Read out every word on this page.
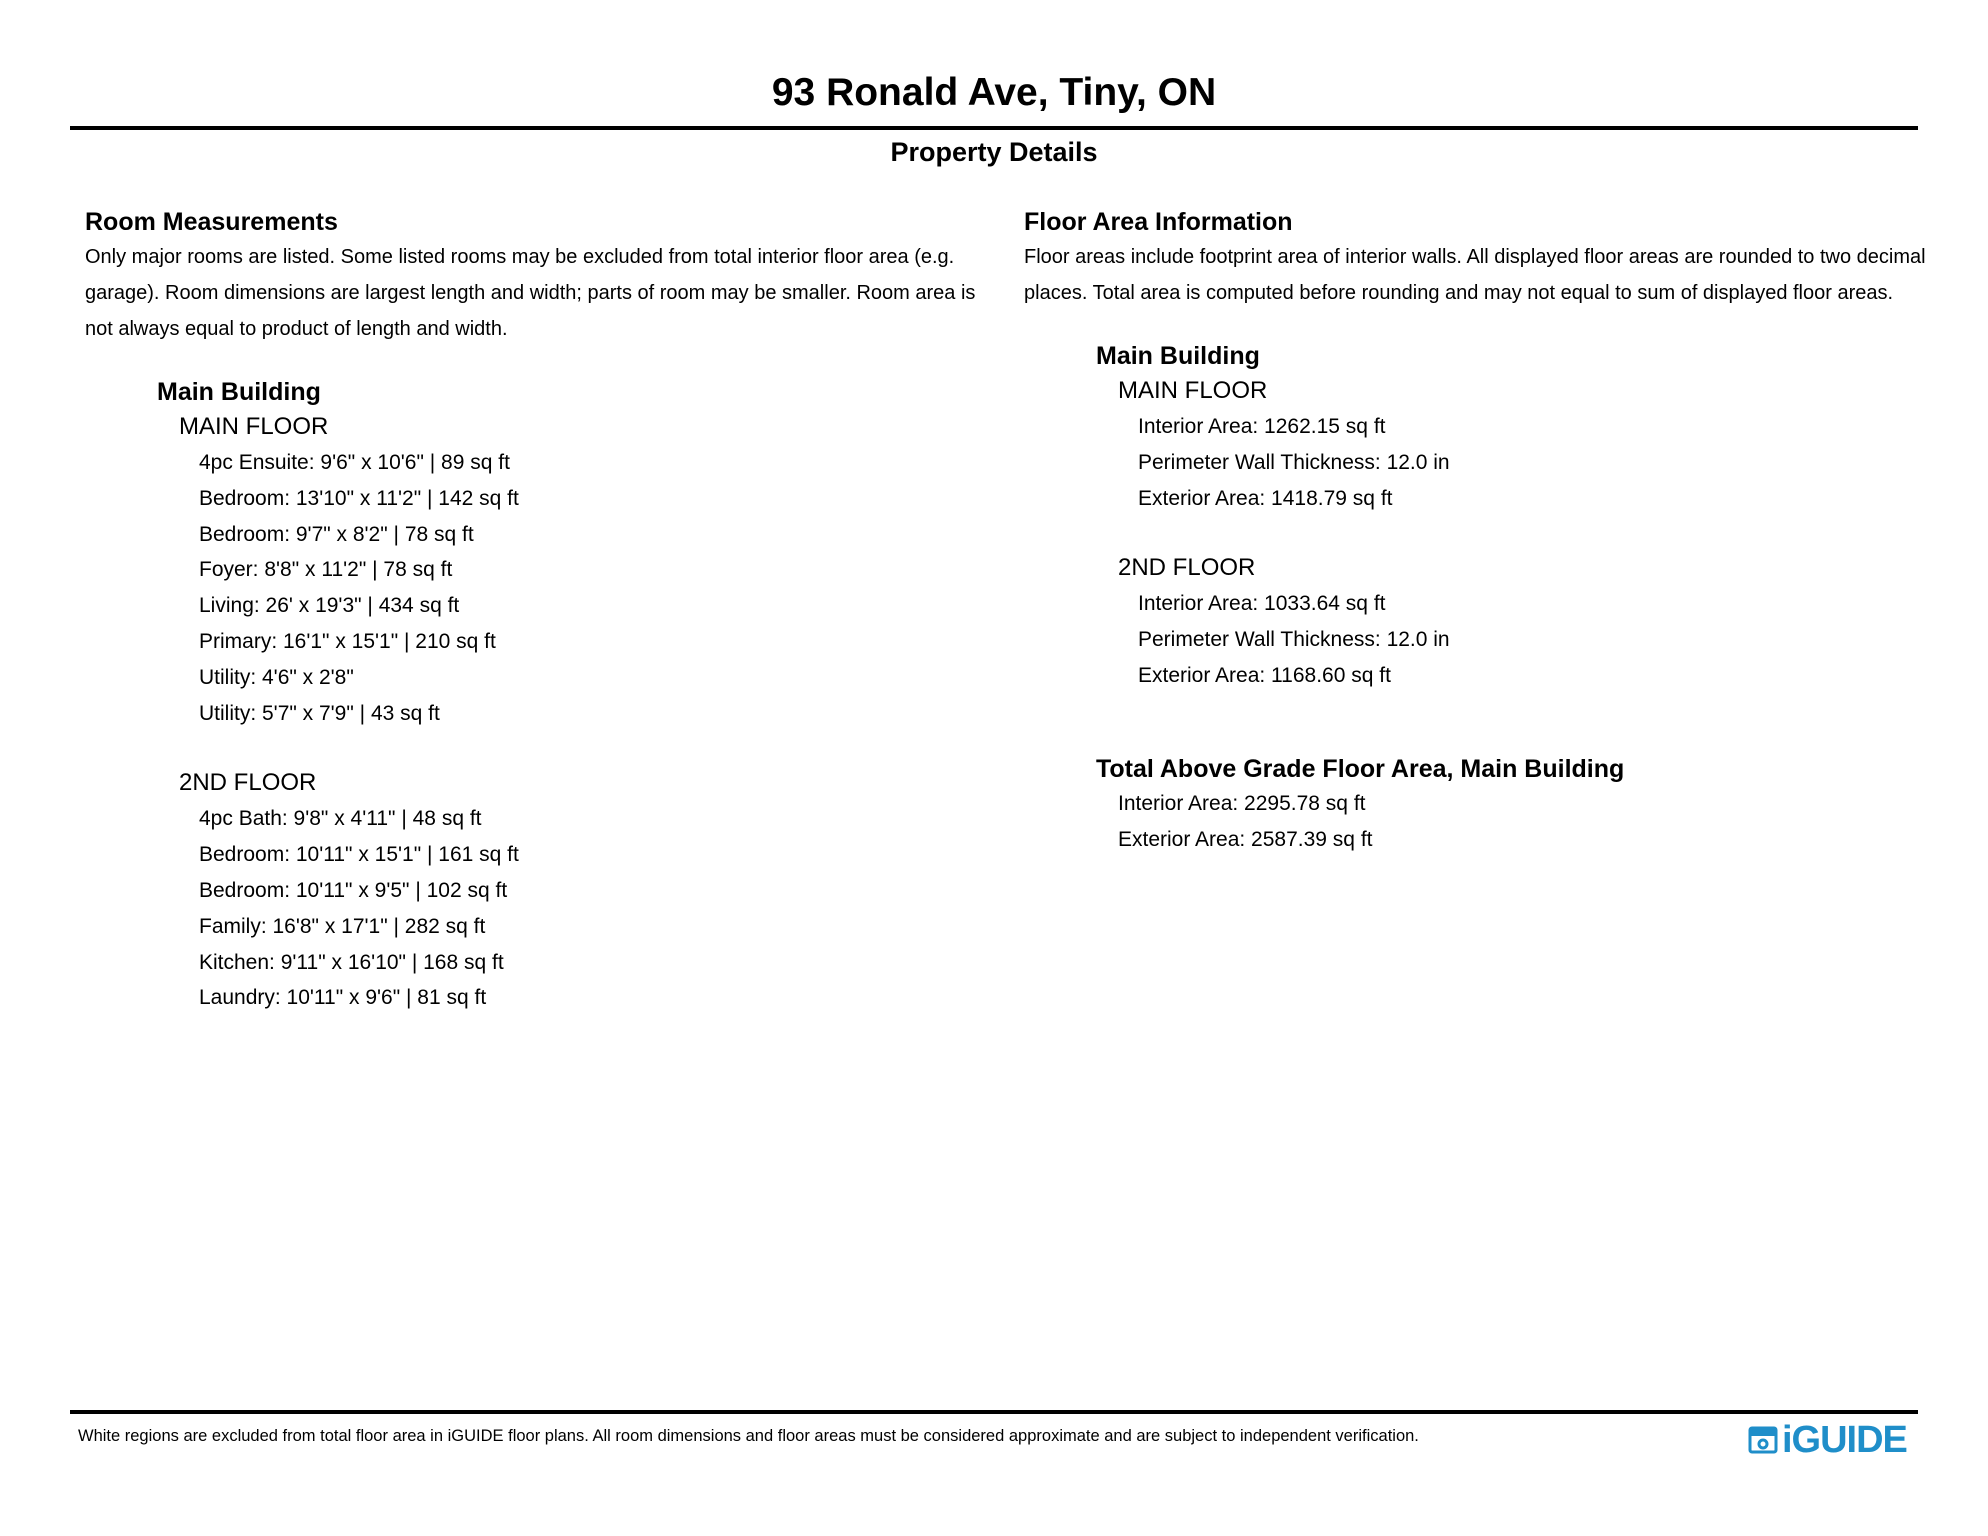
93 Ronald Ave, Tiny, ON
Property Details
Room Measurements

Only major rooms are listed. Some listed rooms may be excluded from total interior floor area (e.g. garage). Room dimensions are largest length and width; parts of room may be smaller. Room area is not always equal to product of length and width.

Main Building
MAIN FLOOR
4pc Ensuite: 9'6" x 10'6" | 89 sq ft
Bedroom: 13'10" x 11'2" | 142 sq ft
Bedroom: 9'7" x 8'2" | 78 sq ft
Foyer: 8'8" x 11'2" | 78 sq ft
Living: 26' x 19'3" | 434 sq ft
Primary: 16'1" x 15'1" | 210 sq ft
Utility: 4'6" x 2'8"
Utility: 5'7" x 7'9" | 43 sq ft
2ND FLOOR
4pc Bath: 9'8" x 4'11" | 48 sq ft
Bedroom: 10'11" x 15'1" | 161 sq ft
Bedroom: 10'11" x 9'5" | 102 sq ft
Family: 16'8" x 17'1" | 282 sq ft
Kitchen: 9'11" x 16'10" | 168 sq ft
Laundry: 10'11" x 9'6" | 81 sq ft
Floor Area Information

Floor areas include footprint area of interior walls. All displayed floor areas are rounded to two decimal places. Total area is computed before rounding and may not equal to sum of displayed floor areas.

Main Building
MAIN FLOOR
Interior Area: 1262.15 sq ft
Perimeter Wall Thickness: 12.0 in
Exterior Area: 1418.79 sq ft
2ND FLOOR
Interior Area: 1033.64 sq ft
Perimeter Wall Thickness: 12.0 in
Exterior Area: 1168.60 sq ft
Total Above Grade Floor Area, Main Building
Interior Area: 2295.78 sq ft
Exterior Area: 2587.39 sq ft
White regions are excluded from total floor area in iGUIDE floor plans. All room dimensions and floor areas must be considered approximate and are subject to independent verification.	iGUIDE
